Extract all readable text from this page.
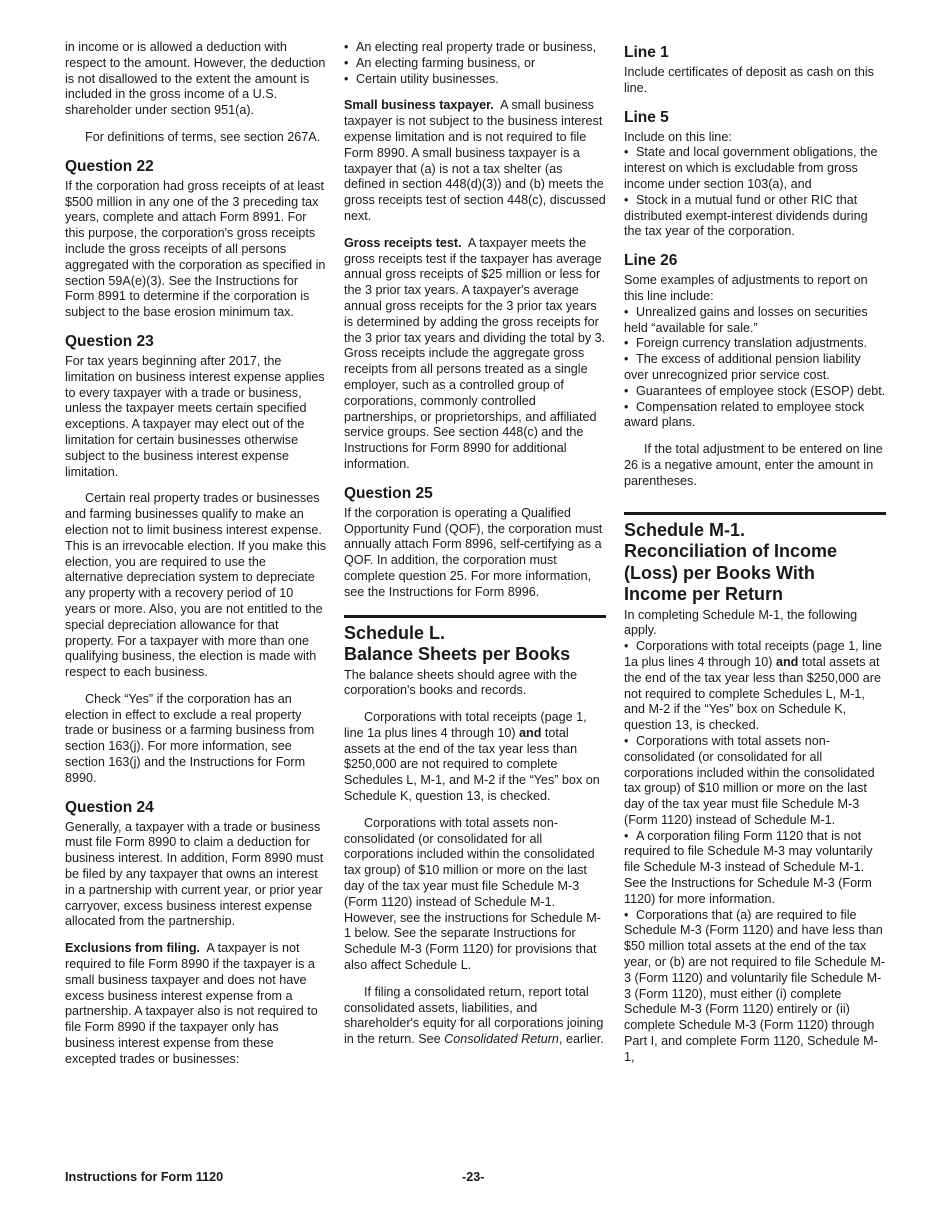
in income or is allowed a deduction with respect to the amount. However, the deduction is not disallowed to the extent the amount is included in the gross income of a U.S. shareholder under section 951(a).

For definitions of terms, see section 267A.

Question 22

If the corporation had gross receipts of at least $500 million in any one of the 3 preceding tax years, complete and attach Form 8991. For this purpose, the corporation's gross receipts include the gross receipts of all persons aggregated with the corporation as specified in section 59A(e)(3). See the Instructions for Form 8991 to determine if the corporation is subject to the base erosion minimum tax.

Question 23

For tax years beginning after 2017, the limitation on business interest expense applies to every taxpayer with a trade or business, unless the taxpayer meets certain specified exceptions. A taxpayer may elect out of the limitation for certain businesses otherwise subject to the business interest expense limitation.

Certain real property trades or businesses and farming businesses qualify to make an election not to limit business interest expense. This is an irrevocable election. If you make this election, you are required to use the alternative depreciation system to depreciate any property with a recovery period of 10 years or more. Also, you are not entitled to the special depreciation allowance for that property. For a taxpayer with more than one qualifying business, the election is made with respect to each business.

Check “Yes” if the corporation has an election in effect to exclude a real property trade or business or a farming business from section 163(j). For more information, see section 163(j) and the Instructions for Form 8990.

Question 24

Generally, a taxpayer with a trade or business must file Form 8990 to claim a deduction for business interest. In addition, Form 8990 must be filed by any taxpayer that owns an interest in a partnership with current year, or prior year carryover, excess business interest expense allocated from the partnership.

Exclusions from filing. A taxpayer is not required to file Form 8990 if the taxpayer is a small business taxpayer and does not have excess business interest expense from a partnership. A taxpayer also is not required to file Form 8990 if the taxpayer only has business interest expense from these excepted trades or businesses:

• An electing real property trade or business,
• An electing farming business, or
• Certain utility businesses.

Small business taxpayer. A small business taxpayer is not subject to the business interest expense limitation and is not required to file Form 8990. A small business taxpayer is a taxpayer that (a) is not a tax shelter (as defined in section 448(d)(3)) and (b) meets the gross receipts test of section 448(c), discussed next.

Gross receipts test. A taxpayer meets the gross receipts test if the taxpayer has average annual gross receipts of $25 million or less for the 3 prior tax years. A taxpayer's average annual gross receipts for the 3 prior tax years is determined by adding the gross receipts for the 3 prior tax years and dividing the total by 3. Gross receipts include the aggregate gross receipts from all persons treated as a single employer, such as a controlled group of corporations, commonly controlled partnerships, or proprietorships, and affiliated service groups. See section 448(c) and the Instructions for Form 8990 for additional information.

Question 25

If the corporation is operating a Qualified Opportunity Fund (QOF), the corporation must annually attach Form 8996, self-certifying as a QOF. In addition, the corporation must complete question 25. For more information, see the Instructions for Form 8996.

Schedule L.
Balance Sheets per Books

The balance sheets should agree with the corporation's books and records.

Corporations with total receipts (page 1, line 1a plus lines 4 through 10) and total assets at the end of the tax year less than $250,000 are not required to complete Schedules L, M-1, and M-2 if the “Yes” box on Schedule K, question 13, is checked.

Corporations with total assets non-consolidated (or consolidated for all corporations included within the consolidated tax group) of $10 million or more on the last day of the tax year must file Schedule M-3 (Form 1120) instead of Schedule M-1. However, see the instructions for Schedule M-1 below. See the separate Instructions for Schedule M-3 (Form 1120) for provisions that also affect Schedule L.

If filing a consolidated return, report total consolidated assets, liabilities, and shareholder's equity for all corporations joining in the return. See Consolidated Return, earlier.

Line 1

Include certificates of deposit as cash on this line.

Line 5

Include on this line:

• State and local government obligations, the interest on which is excludable from gross income under section 103(a), and
• Stock in a mutual fund or other RIC that distributed exempt-interest dividends during the tax year of the corporation.
Line 26

Some examples of adjustments to report on this line include:

• Unrealized gains and losses on securities held “available for sale.”
• Foreign currency translation adjustments.
• The excess of additional pension liability over unrecognized prior service cost.
• Guarantees of employee stock (ESOP) debt.
• Compensation related to employee stock award plans.

If the total adjustment to be entered on line 26 is a negative amount, enter the amount in parentheses.

Schedule M-1.
Reconciliation of Income
(Loss) per Books With
Income per Return

In completing Schedule M-1, the following apply.

• Corporations with total receipts (page 1, line 1a plus lines 4 through 10) and total assets at the end of the tax year less than $250,000 are not required to complete Schedules L, M-1, and M-2 if the “Yes” box on Schedule K, question 13, is checked.
• Corporations with total assets non-consolidated (or consolidated for all corporations included within the consolidated tax group) of $10 million or more on the last day of the tax year must file Schedule M-3 (Form 1120) instead of Schedule M-1.
• A corporation filing Form 1120 that is not required to file Schedule M-3 may voluntarily file Schedule M-3 instead of Schedule M-1. See the Instructions for Schedule M-3 (Form 1120) for more information.
• Corporations that (a) are required to file Schedule M-3 (Form 1120) and have less than $50 million total assets at the end of the tax year, or (b) are not required to file Schedule M-3 (Form 1120) and voluntarily file Schedule M-3 (Form 1120), must either (i) complete Schedule M-3 (Form 1120) entirely or (ii) complete Schedule M-3 (Form 1120) through Part I, and complete Form 1120, Schedule M-1,
Instructions for Form 1120	-23-
